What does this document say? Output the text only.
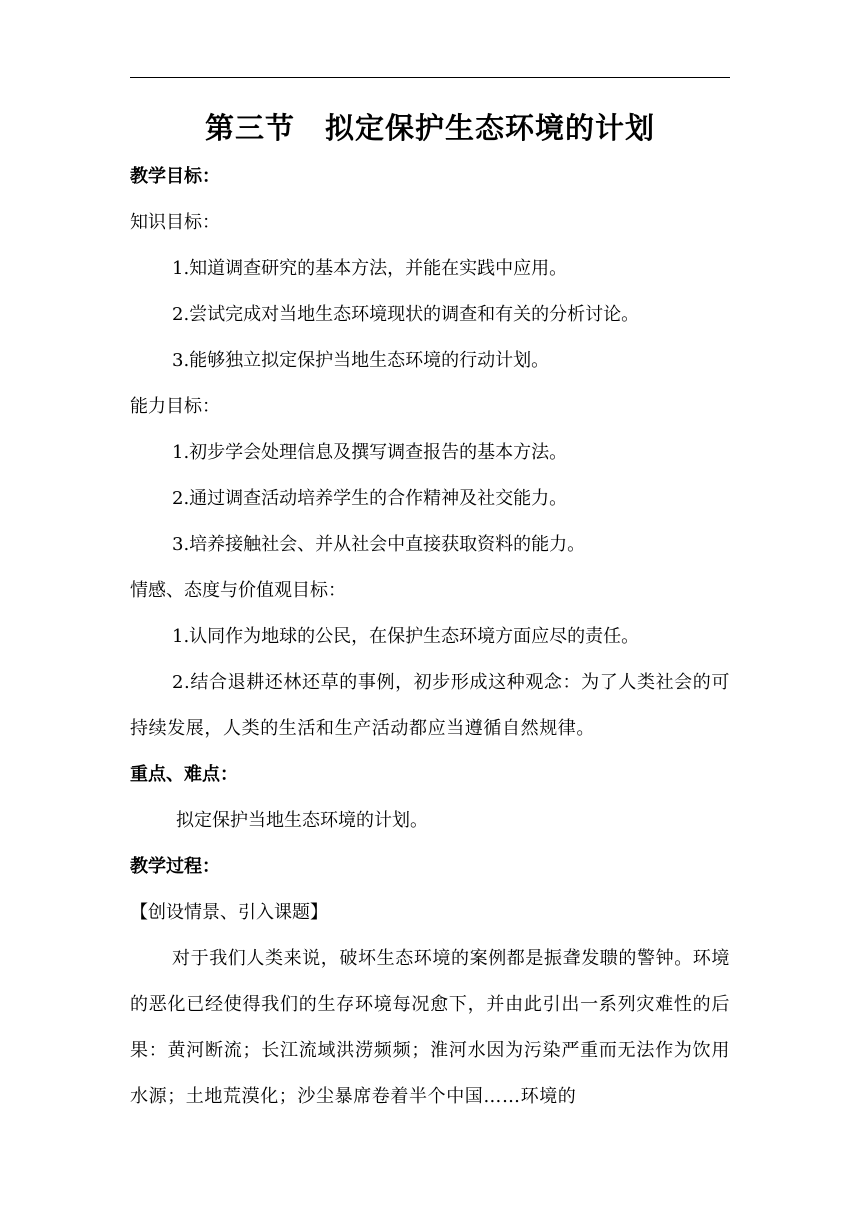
第三节　拟定保护生态环境的计划
教学目标：
知识目标：
1.知道调查研究的基本方法，并能在实践中应用。
2.尝试完成对当地生态环境现状的调查和有关的分析讨论。
3.能够独立拟定保护当地生态环境的行动计划。
能力目标：
1.初步学会处理信息及撰写调查报告的基本方法。
2.通过调查活动培养学生的合作精神及社交能力。
3.培养接触社会、并从社会中直接获取资料的能力。
情感、态度与价值观目标：
1.认同作为地球的公民，在保护生态环境方面应尽的责任。
2.结合退耕还林还草的事例，初步形成这种观念：为了人类社会的可持续发展，人类的生活和生产活动都应当遵循自然规律。
重点、难点：
拟定保护当地生态环境的计划。
教学过程：
【创设情景、引入课题】
对于我们人类来说，破坏生态环境的案例都是振聋发聩的警钟。环境的恶化已经使得我们的生存环境每况愈下，并由此引出一系列灾难性的后果：黄河断流；长江流域洪涝频频；淮河水因为污染严重而无法作为饮用水源；土地荒漠化；沙尘暴席卷着半个中国……环境的
